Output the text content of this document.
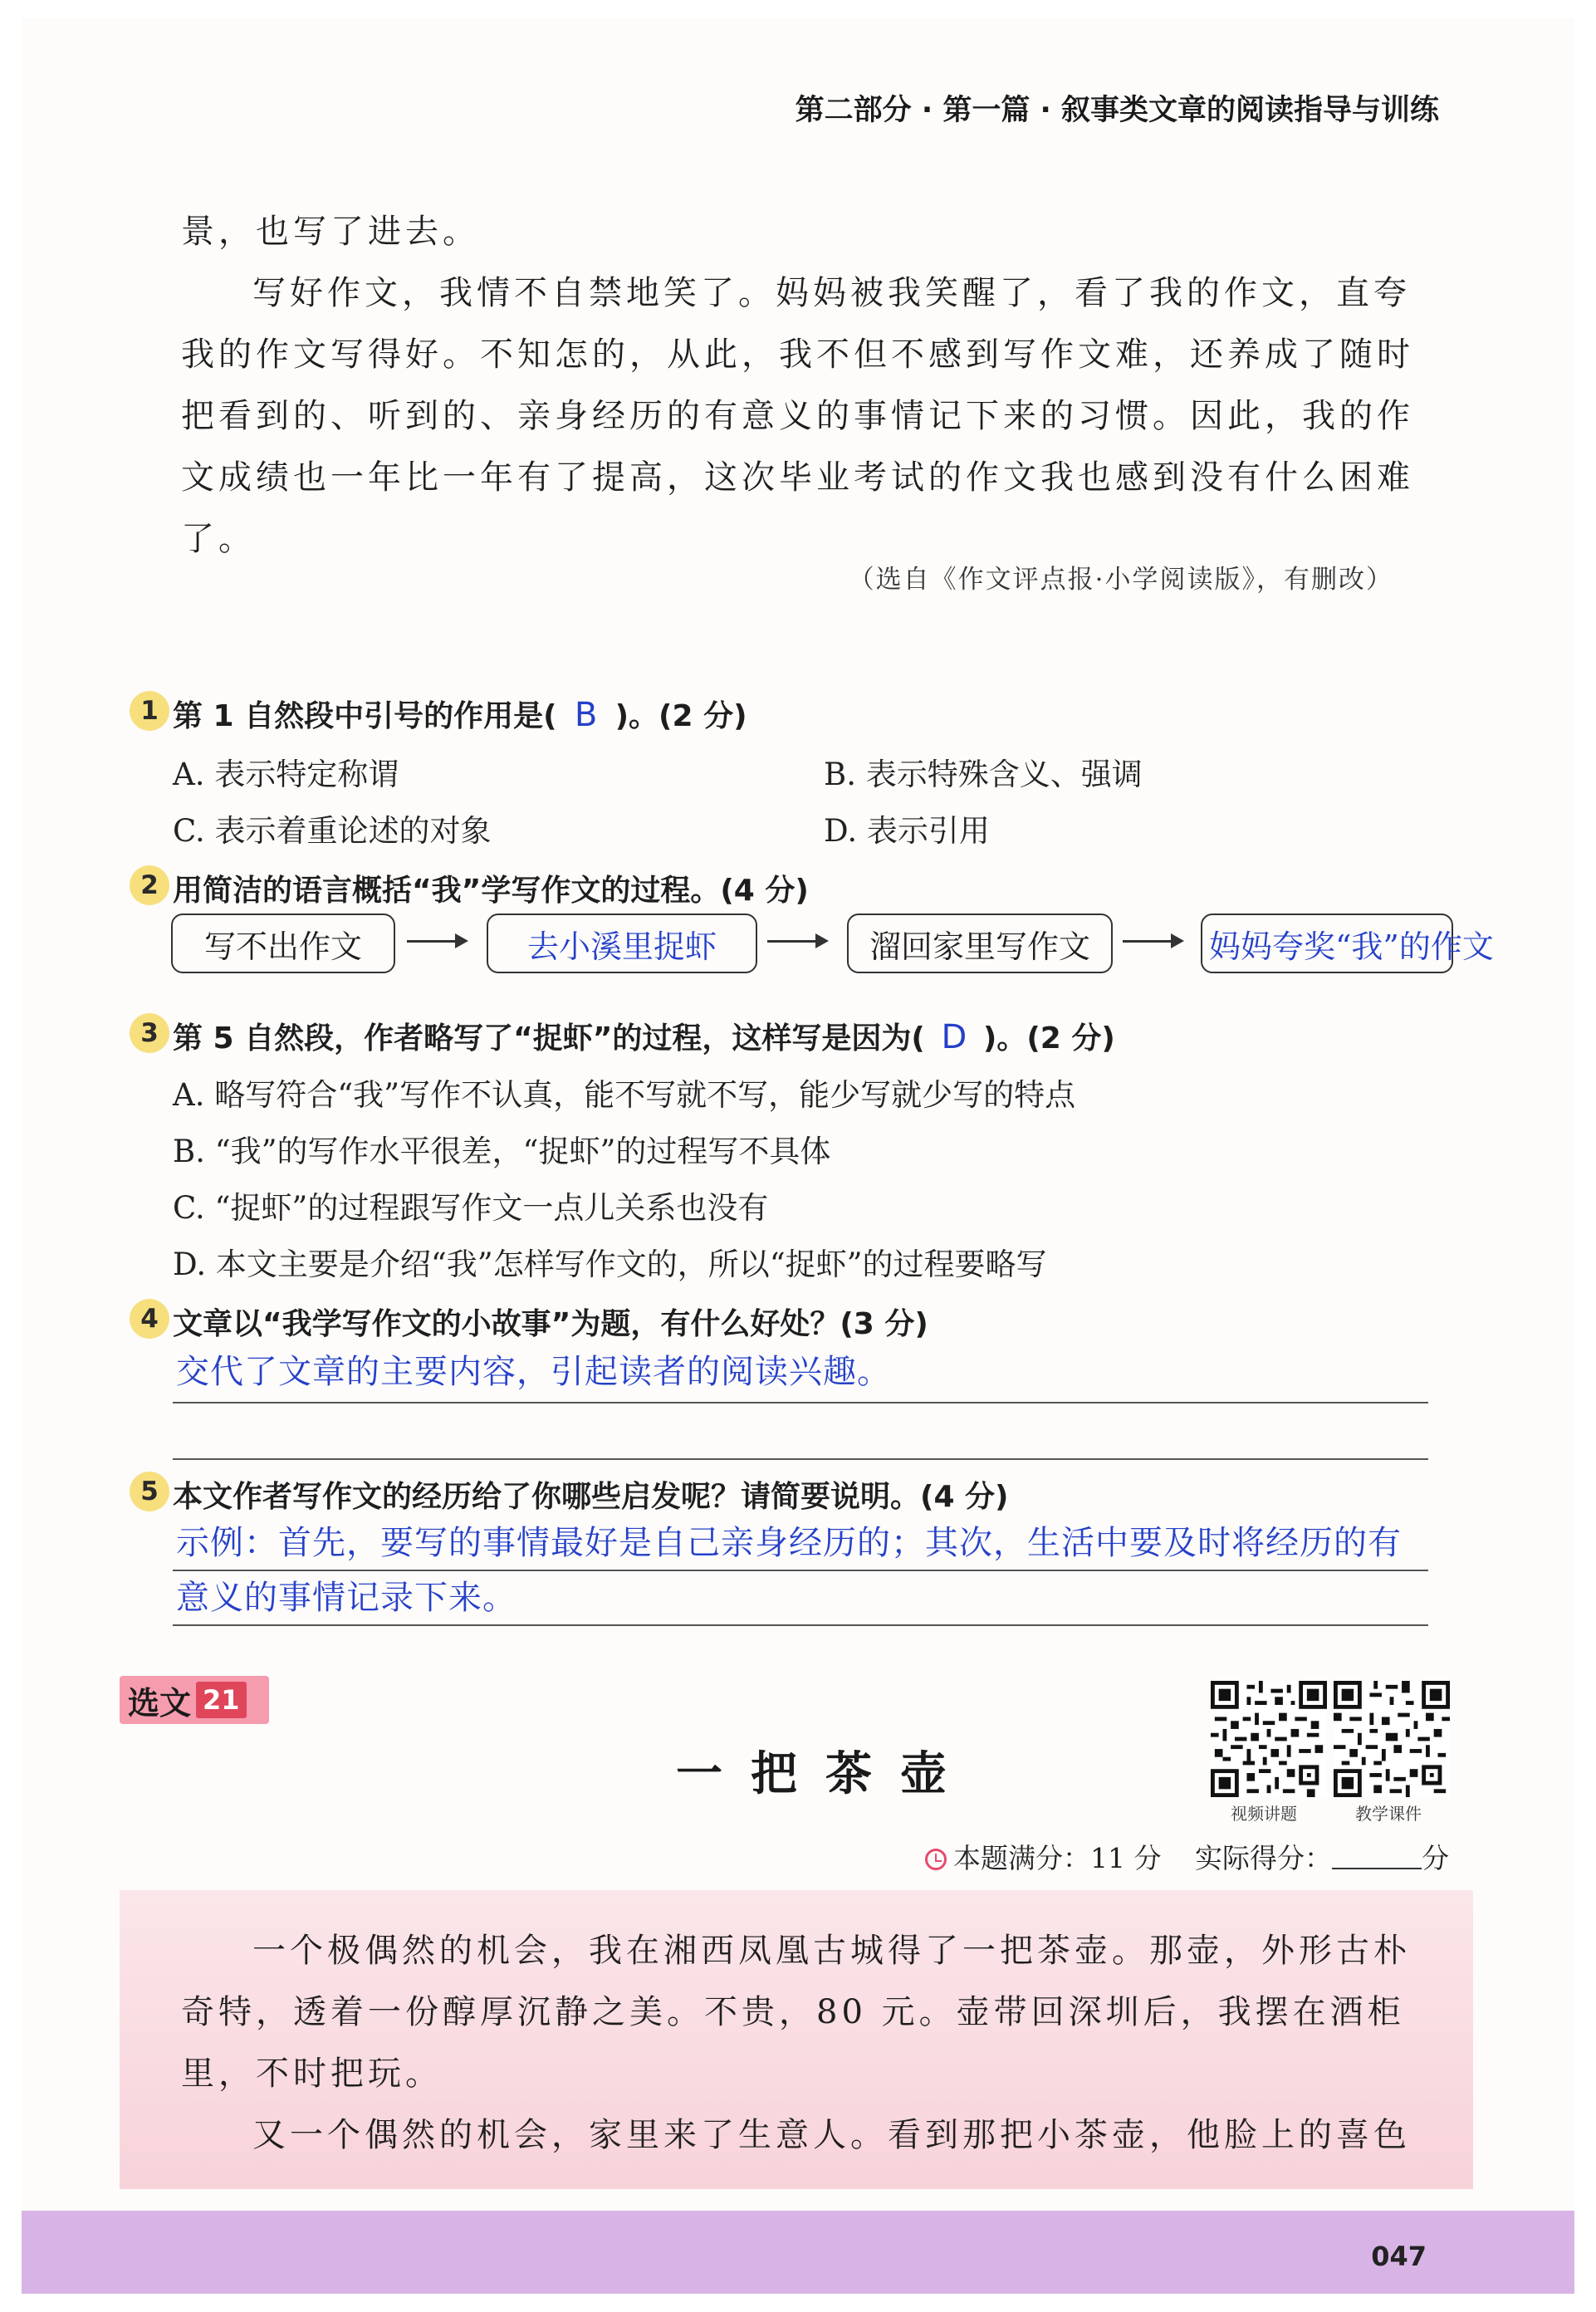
第二部分 · 第一篇 · 叙事类文章的阅读指导与训练

景，也写了进去。

写好作文，我情不自禁地笑了。妈妈被我笑醒了，看了我的作文，直夸我的作文写得好。不知怎的，从此，我不但不感到写作文难，还养成了随时把看到的、听到的、亲身经历的有意义的事情记下来的习惯。因此，我的作文成绩也一年比一年有了提高，这次毕业考试的作文我也感到没有什么困难了。

（选自《作文评点报·小学阅读版》，有删改）
1 第 1 自然段中引号的作用是( B )。(2 分)
A. 表示特定称谓	B. 表示特殊含义、强调
C. 表示着重论述的对象	D. 表示引用
2 用简洁的语言概括“我”学写作文的过程。(4 分)
写不出作文	去小溪里捉虾	溜回家里写作文	妈妈夸奖“我”的作文
3 第 5 自然段，作者略写了“捉虾”的过程，这样写是因为( D )。(2 分)
A. 略写符合“我”写作不认真，能不写就不写，能少写就少写的特点
B. “我”的写作水平很差，“捉虾”的过程写不具体
C. “捉虾”的过程跟写作文一点儿关系也没有
D. 本文主要是介绍“我”怎样写作文的，所以“捉虾”的过程要略写
4 文章以“我学写作文的小故事”为题，有什么好处？(3 分)
交代了文章的主要内容，引起读者的阅读兴趣。
5 本文作者写作文的经历给了你哪些启发呢？请简要说明。(4 分)
示例：首先，要写的事情最好是自己亲身经历的；其次，生活中要及时将经历的有
意义的事情记录下来。
选文 21
一把茶壶
视频讲题	教学课件
本题满分：11 分 实际得分：	分

一个极偶然的机会，我在湘西凤凰古城得了一把茶壶。那壶，外形古朴奇特，透着一份醇厚沉静之美。不贵，80 元。壶带回深圳后，我摆在酒柜里，不时把玩。

又一个偶然的机会，家里来了生意人。看到那把小茶壶，他脸上的喜色

047
